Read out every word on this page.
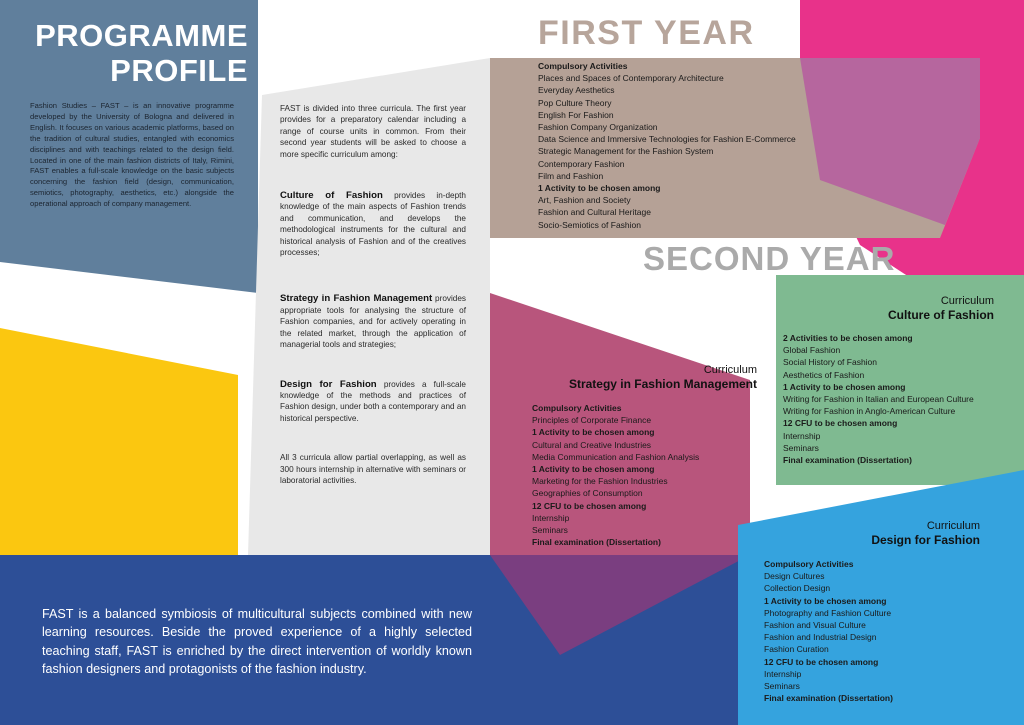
PROGRAMME
PROFILE
Fashion Studies – FAST – is an innovative programme developed by the University of Bologna and delivered in English. It focuses on various academic platforms, based on the tradition of cultural studies, entangled with economics disciplines and with teachings related to the design field. Located in one of the main fashion districts of Italy, Rimini, FAST enables a full-scale knowledge on the basic subjects concerning the fashion field (design, communication, semiotics, photography, aesthetics, etc.) alongside the operational approach of company management.
FAST is divided into three curricula. The first year provides for a preparatory calendar including a range of course units in common. From their second year students will be asked to choose a more specific curriculum among:
Culture of Fashion provides in-depth knowledge of the main aspects of Fashion trends and communication, and develops the methodological instruments for the cultural and historical analysis of Fashion and of the creatives processes;
Strategy in Fashion Management provides appropriate tools for analysing the structure of Fashion companies, and for actively operating in the related market, through the application of managerial tools and strategies;
Design for Fashion provides a full-scale knowledge of the methods and practices of Fashion design, under both a contemporary and an historical perspective.
All 3 curricula allow partial overlapping, as well as 300 hours internship in alternative with seminars or laboratorial activities.
FIRST YEAR
Compulsory Activities
Places and Spaces of Contemporary Architecture
Everyday Aesthetics
Pop Culture Theory
English For Fashion
Fashion Company Organization
Data Science and Immersive Technologies for Fashion E-Commerce
Strategic Management for the Fashion System
Contemporary Fashion
Film and Fashion
1 Activity to be chosen among
Art, Fashion and Society
Fashion and Cultural Heritage
Socio-Semiotics of Fashion
SECOND YEAR
Curriculum
Culture of Fashion
2 Activities to be chosen among
Global Fashion
Social History of Fashion
Aesthetics of Fashion
1 Activity to be chosen among
Writing for Fashion in Italian and European Culture
Writing for Fashion in Anglo-American Culture
12 CFU to be chosen among
Internship
Seminars
Final examination (Dissertation)
Curriculum
Strategy in Fashion Management
Compulsory Activities
Principles of Corporate Finance
1 Activity to be chosen among
Cultural and Creative Industries
Media Communication and Fashion Analysis
1 Activity to be chosen among
Marketing for the Fashion Industries
Geographies of Consumption
12 CFU to be chosen among
Internship
Seminars
Final examination (Dissertation)
Curriculum
Design for Fashion
Compulsory Activities
Design Cultures
Collection Design
1 Activity to be chosen among
Photography and Fashion Culture
Fashion and Visual Culture
Fashion and Industrial Design
Fashion Curation
12 CFU to be chosen among
Internship
Seminars
Final examination (Dissertation)
FAST is a balanced symbiosis of multicultural subjects combined with new learning resources. Beside the proved experience of a highly selected teaching staff, FAST is enriched by the direct intervention of worldly known fashion designers and protagonists of the fashion industry.
